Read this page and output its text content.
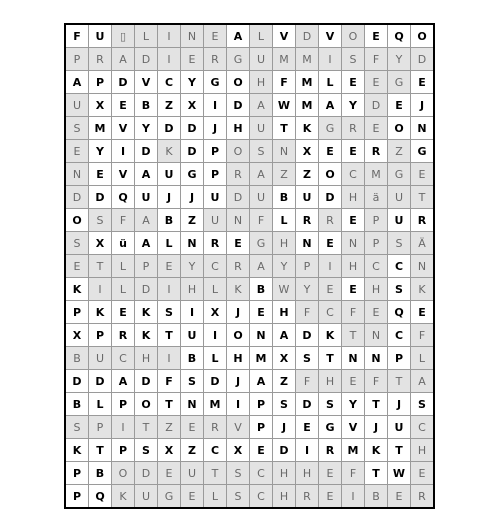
F	U	▯	L	I	N	E	A	L	V	D	V	O	E	Q	O
P	R	A	D	I	E	R	G	U	M	M	I	S	F	Y	D
A	P	D	V	C	Y	G	O	H	F	M	L	E	E	G	E
U	X	E	B	Z	X	I	D	A	W	M	A	Y	D	E	J
S	M	V	Y	D	D	J	H	U	T	K	G	R	E	O	N
E	Y	I	D	K	D	P	O	S	N	X	E	E	R	Z	G
N	E	V	A	U	G	P	R	A	Z	Z	O	C	M	G	E
D	D	Q	U	J	J	U	D	U	B	U	D	H	ä	U	T
O	S	F	A	B	Z	U	N	F	L	R	R	E	P	U	R
S	X	ü	A	L	N	R	E	G	H	N	E	N	P	S	Ä
E	T	L	P	E	Y	C	R	A	Y	P	I	H	C	C	N
K	I	L	D	I	H	L	K	B	W	Y	E	E	H	S	K
P	K	E	K	S	I	X	J	E	H	F	C	F	E	Q	E
X	P	R	K	T	U	I	O	N	A	D	K	T	N	C	F
B	U	C	H	I	B	L	H	M	X	S	T	N	N	P	L
D	D	A	D	F	S	D	J	A	Z	F	H	E	F	T	A
B	L	P	O	T	N	M	I	P	S	D	S	Y	T	J	S
S	P	I	T	Z	E	R	V	P	J	E	G	V	J	U	C
K	T	P	S	X	Z	C	X	E	D	I	R	M	K	T	H
P	B	O	D	E	U	T	S	C	H	H	E	F	T	W	E
P	Q	K	U	G	E	L	S	C	H	R	E	I	B	E	R
